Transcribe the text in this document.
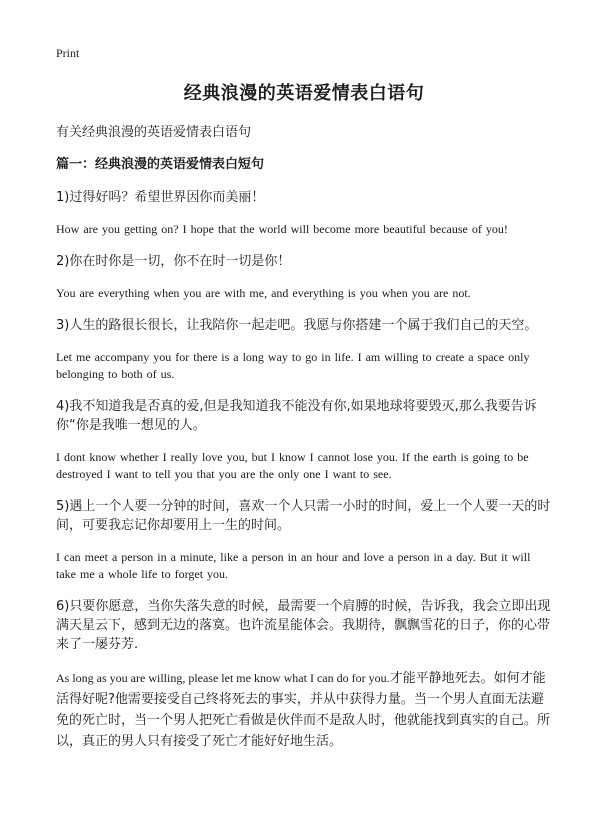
Print
经典浪漫的英语爱情表白语句
有关经典浪漫的英语爱情表白语句
篇一：经典浪漫的英语爱情表白短句
1)过得好吗？希望世界因你而美丽！
How are you getting on? I hope that the world will become more beautiful because of you!
2)你在时你是一切，你不在时一切是你！
You are everything when you are with me, and everything is you when you are not.
3)人生的路很长很长，让我陪你一起走吧。我愿与你搭建一个属于我们自己的天空。
Let me accompany you for there is a long way to go in life. I am willing to create a space only belonging to both of us.
4)我不知道我是否真的爱,但是我知道我不能没有你,如果地球将要毁灭,那么我要告诉你“你是我唯一想见的人。
I dont know whether I really love you, but I know I cannot lose you. If the earth is going to be destroyed I want to tell you that you are the only one I want to see.
5)遇上一个人要一分钟的时间，喜欢一个人只需一小时的时间，爱上一个人要一天的时间，可要我忘记你却要用上一生的时间。
I can meet a person in a minute, like a person in an hour and love a person in a day. But it will take me a whole life to forget you.
6)只要你愿意，当你失落失意的时候，最需要一个肩膊的时候，告诉我，我会立即出现满天星云下，感到无边的落寞。也许流星能体会。我期待，飘飘雪花的日子，你的心带来了一屡芬芳.
As long as you are willing, please let me know what I can do for you.才能平静地死去。如何才能活得好呢?他需要接受自己终将死去的事实，并从中获得力量。当一个男人直面无法避免的死亡时，当一个男人把死亡看做是伙伴而不是敌人时，他就能找到真实的自己。所以，真正的男人只有接受了死亡才能好好地生活。
